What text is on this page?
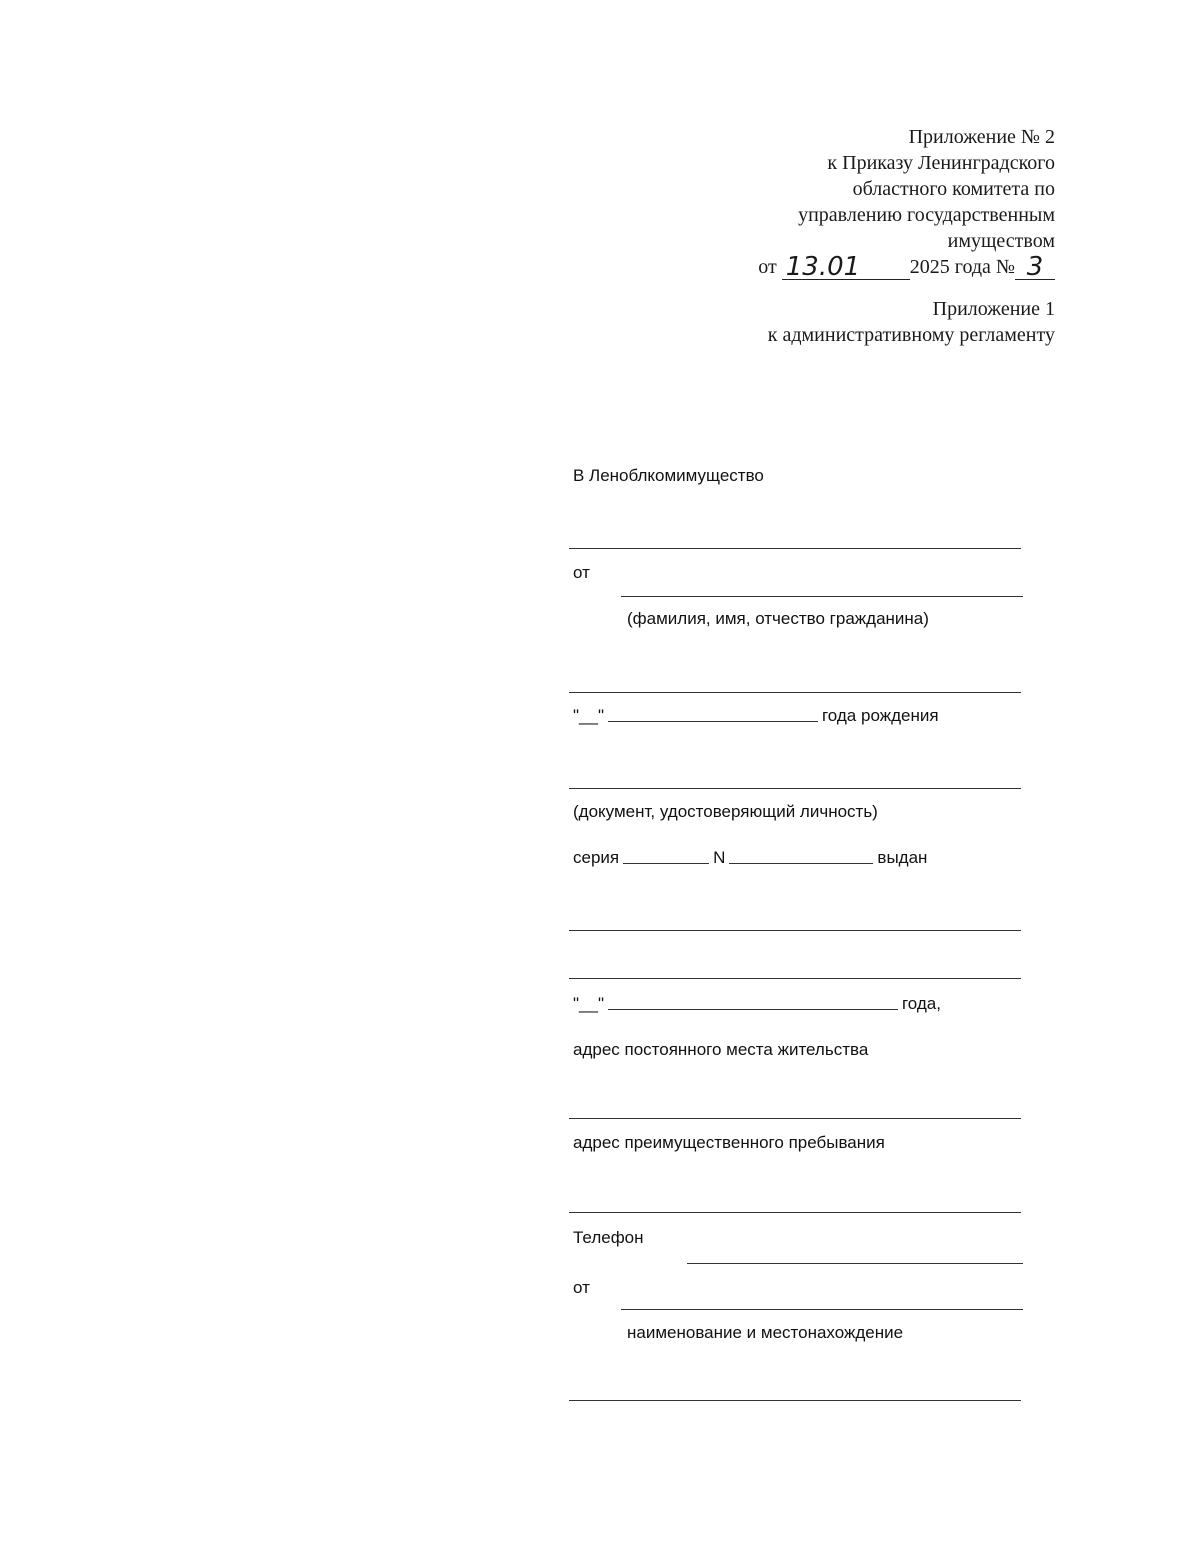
Приложение № 2
к Приказу Ленинградского
областного комитета по
управлению государственным
имуществом
от
13.01	2025 года № 3
Приложение 1
к административному регламенту
В Леноблкомимущество
от
(фамилия, имя, отчество гражданина)
"__"	года рождения
(документ, удостоверяющий личность)
серия	N	выдан
"__"	года,
адрес постоянного места жительства
адрес преимущественного пребывания
Телефон
от
наименование и местонахождение
